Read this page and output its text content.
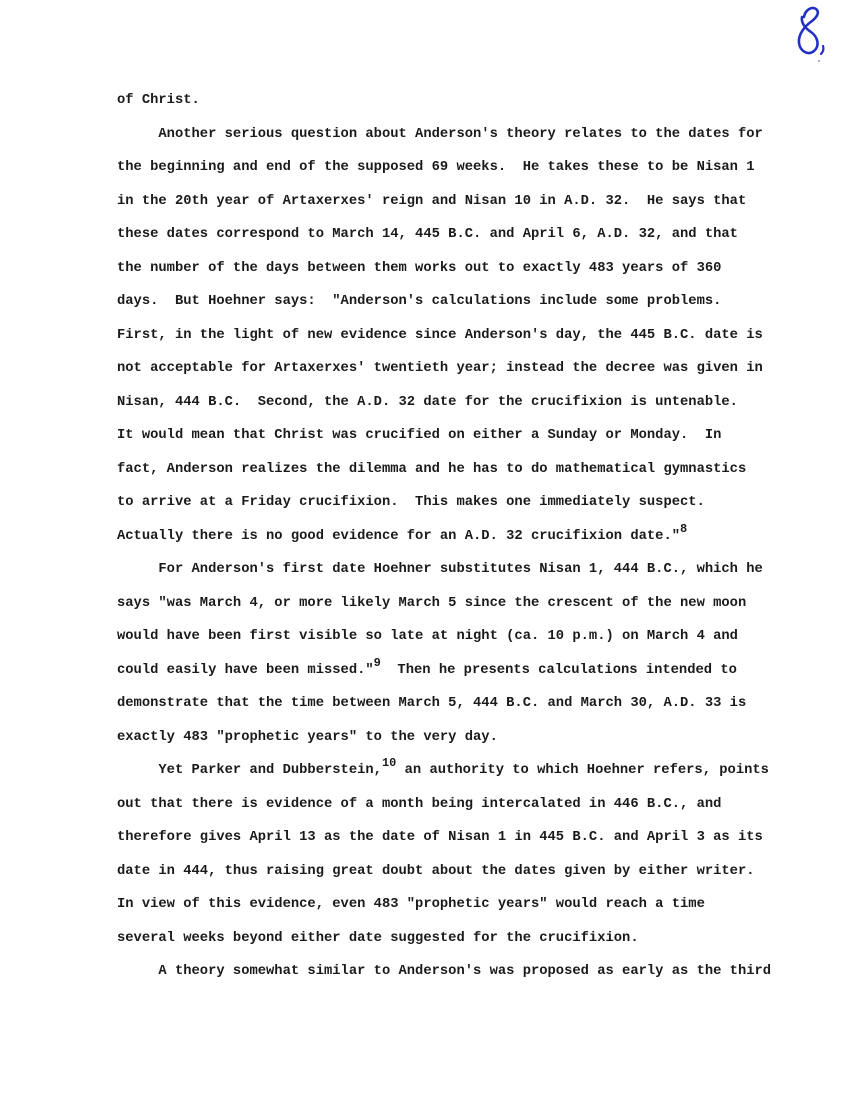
of Christ.
Another serious question about Anderson's theory relates to the dates for
the beginning and end of the supposed 69 weeks.  He takes these to be Nisan 1
in the 20th year of Artaxerxes' reign and Nisan 10 in A.D. 32.  He says that
these dates correspond to March 14, 445 B.C. and April 6, A.D. 32, and that
the number of the days between them works out to exactly 483 years of 360
days.  But Hoehner says:  "Anderson's calculations include some problems.
First, in the light of new evidence since Anderson's day, the 445 B.C. date is
not acceptable for Artaxerxes' twentieth year; instead the decree was given in
Nisan, 444 B.C.  Second, the A.D. 32 date for the crucifixion is untenable.
It would mean that Christ was crucified on either a Sunday or Monday.  In
fact, Anderson realizes the dilemma and he has to do mathematical gymnastics
to arrive at a Friday crucifixion.  This makes one immediately suspect.
Actually there is no good evidence for an A.D. 32 crucifixion date."8
For Anderson's first date Hoehner substitutes Nisan 1, 444 B.C., which he
says "was March 4, or more likely March 5 since the crescent of the new moon
would have been first visible so late at night (ca. 10 p.m.) on March 4 and
could easily have been missed."9  Then he presents calculations intended to
demonstrate that the time between March 5, 444 B.C. and March 30, A.D. 33 is
exactly 483 "prophetic years" to the very day.
Yet Parker and Dubberstein,10 an authority to which Hoehner refers, points
out that there is evidence of a month being intercalated in 446 B.C., and
therefore gives April 13 as the date of Nisan 1 in 445 B.C. and April 3 as its
date in 444, thus raising great doubt about the dates given by either writer.
In view of this evidence, even 483 "prophetic years" would reach a time
several weeks beyond either date suggested for the crucifixion.
A theory somewhat similar to Anderson's was proposed as early as the third
